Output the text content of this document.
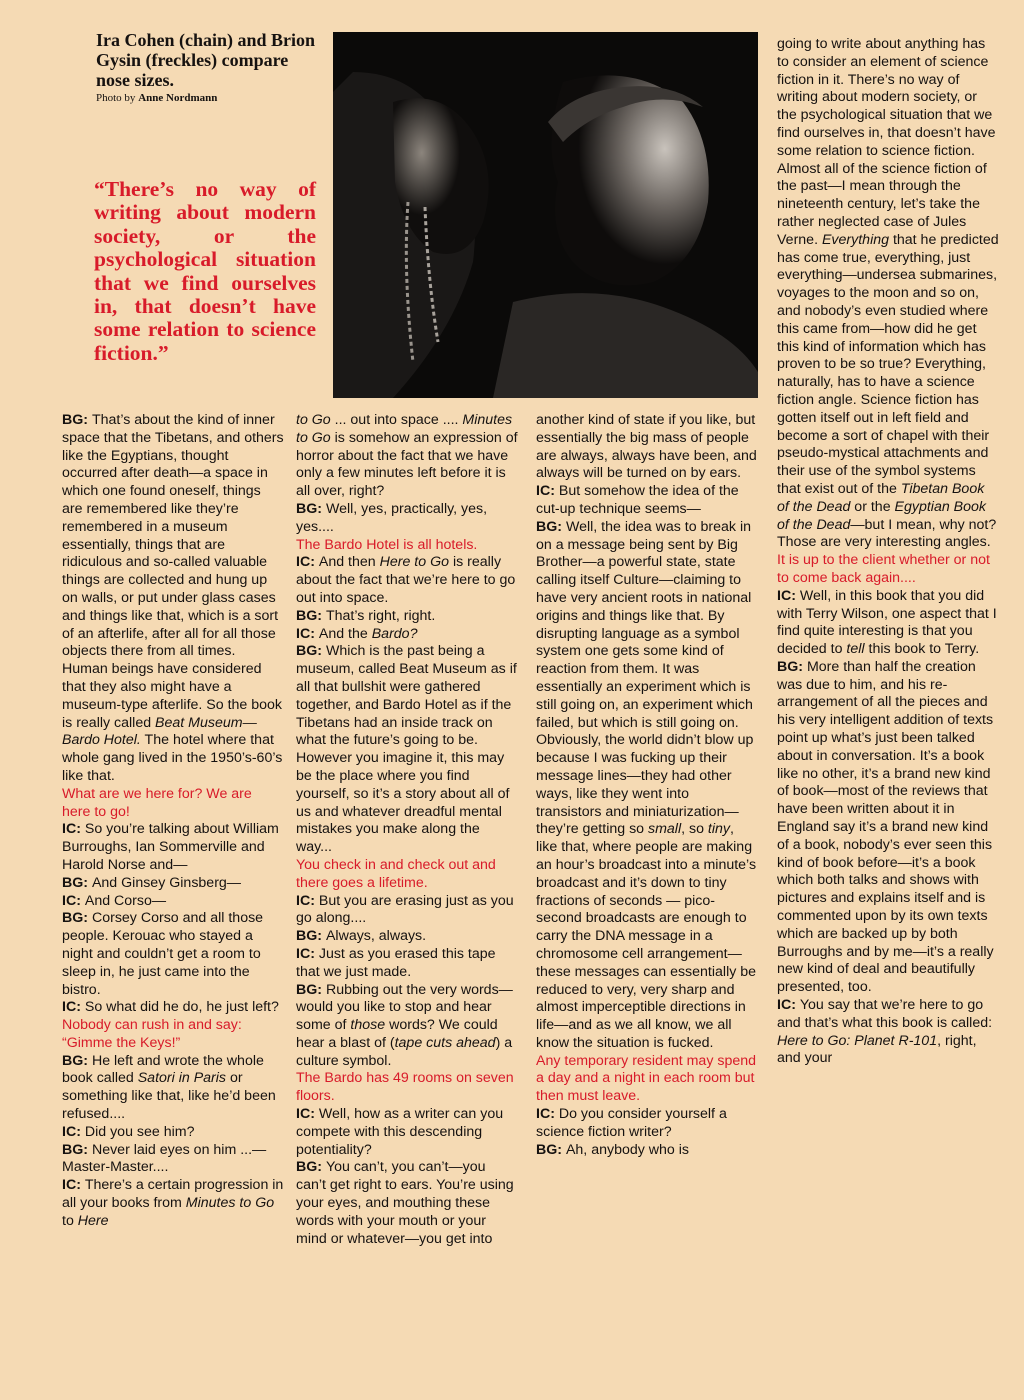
Ira Cohen (chain) and Brion Gysin (freckles) compare nose sizes.
Photo by Anne Nordmann
“There’s no way of writing about modern society, or the psychological situation that we find ourselves in, that doesn’t have some relation to science fiction.”

BG: That’s about the kind of inner space that the Tibetans, and others like the Egyptians, thought occurred after death—a space in which one found oneself, things are remembered like they’re remembered in a museum essentially, things that are ridiculous and so-called valuable things are collected and hung up on walls, or put under glass cases and things like that, which is a sort of an afterlife, after all for all those objects there from all times. Human beings have considered that they also might have a museum-type afterlife. So the book is really called Beat Museum—Bardo Hotel. The hotel where that whole gang lived in the 1950’s-60’s like that.

What are we here for? We are here to go!

IC: So you’re talking about William Burroughs, Ian Sommerville and Harold Norse and—

BG: And Ginsey Ginsberg—

IC: And Corso—

BG: Corsey Corso and all those people. Kerouac who stayed a night and couldn’t get a room to sleep in, he just came into the bistro.

IC: So what did he do, he just left?

Nobody can rush in and say: “Gimme the Keys!”

BG: He left and wrote the whole book called Satori in Paris or something like that, like he’d been refused....

IC: Did you see him?

BG: Never laid eyes on him ...—Master-Master....

IC: There’s a certain progression in all your books from Minutes to Go to Here

to Go ... out into space .... Minutes to Go is somehow an expression of horror about the fact that we have only a few minutes left before it is all over, right?

BG: Well, yes, practically, yes, yes....

The Bardo Hotel is all hotels.

IC: And then Here to Go is really about the fact that we’re here to go out into space.

BG: That’s right, right.

IC: And the Bardo?

BG: Which is the past being a museum, called Beat Museum as if all that bullshit were gathered together, and Bardo Hotel as if the Tibetans had an inside track on what the future’s going to be. However you imagine it, this may be the place where you find yourself, so it’s a story about all of us and whatever dreadful mental mistakes you make along the way...

You check in and check out and there goes a lifetime.

IC: But you are erasing just as you go along....

BG: Always, always.

IC: Just as you erased this tape that we just made.

BG: Rubbing out the very words—would you like to stop and hear some of those words? We could hear a blast of (tape cuts ahead) a culture symbol.

The Bardo has 49 rooms on seven floors.

IC: Well, how as a writer can you compete with this descending potentiality?

BG: You can’t, you can’t—you can’t get right to ears. You’re using your eyes, and mouthing these words with your mouth or your mind or whatever—you get into

another kind of state if you like, but essentially the big mass of people are always, always have been, and always will be turned on by ears.

IC: But somehow the idea of the cut-up technique seems—

BG: Well, the idea was to break in on a message being sent by Big Brother—a powerful state, state calling itself Culture—claiming to have very ancient roots in national origins and things like that. By disrupting language as a symbol system one gets some kind of reaction from them. It was essentially an experiment which is still going on, an experiment which failed, but which is still going on. Obviously, the world didn’t blow up because I was fucking up their message lines—they had other ways, like they went into transistors and miniaturization—they’re getting so small, so tiny, like that, where people are making an hour’s broadcast into a minute’s broadcast and it’s down to tiny fractions of seconds — pico-second broadcasts are enough to carry the DNA message in a chromosome cell arrangement—these messages can essentially be reduced to very, very sharp and almost imperceptible directions in life—and as we all know, we all know the situation is fucked.

Any temporary resident may spend a day and a night in each room but then must leave.

IC: Do you consider yourself a science fiction writer?

BG: Ah, anybody who is

going to write about anything has to consider an element of science fiction in it. There’s no way of writing about modern society, or the psychological situation that we find ourselves in, that doesn’t have some relation to science fiction. Almost all of the science fiction of the past—I mean through the nineteenth century, let’s take the rather neglected case of Jules Verne. Everything that he predicted has come true, everything, just everything—undersea submarines, voyages to the moon and so on, and nobody’s even studied where this came from—how did he get this kind of information which has proven to be so true? Everything, naturally, has to have a science fiction angle. Science fiction has gotten itself out in left field and become a sort of chapel with their pseudo-mystical attachments and their use of the symbol systems that exist out of the Tibetan Book of the Dead or the Egyptian Book of the Dead—but I mean, why not? Those are very interesting angles.

It is up to the client whether or not to come back again....

IC: Well, in this book that you did with Terry Wilson, one aspect that I find quite interesting is that you decided to tell this book to Terry.

BG: More than half the creation was due to him, and his re-arrangement of all the pieces and his very intelligent addition of texts point up what’s just been talked about in conversation. It’s a book like no other, it’s a brand new kind of book—most of the reviews that have been written about it in England say it’s a brand new kind of a book, nobody’s ever seen this kind of book before—it’s a book which both talks and shows with pictures and explains itself and is commented upon by its own texts which are backed up by both Burroughs and by me—it’s a really new kind of deal and beautifully presented, too.

IC: You say that we’re here to go and that’s what this book is called: Here to Go: Planet R-101, right, and your
